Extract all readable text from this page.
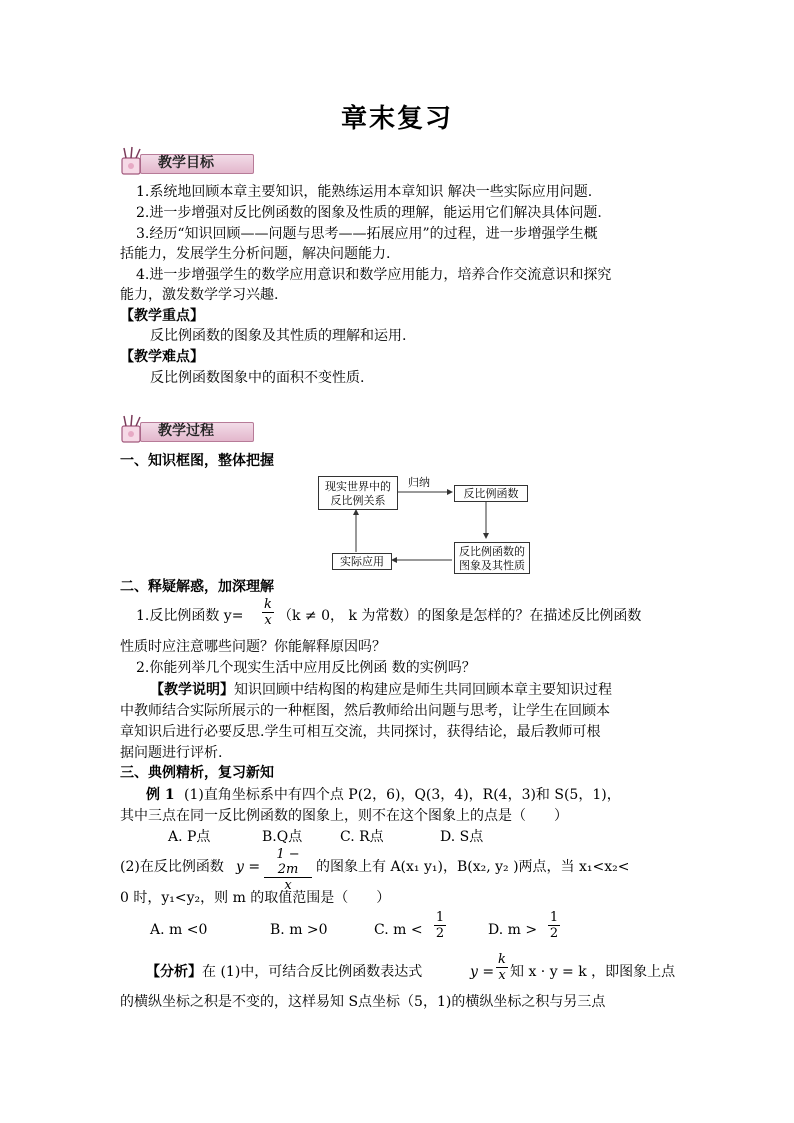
章末复习
教学目标
1.系统地回顾本章主要知识，能熟练运用本章知识 解决一些实际应用问题.
2.进一步增强对反比例函数的图象及性质的理解，能运用它们解决具体问题.
3.经历“知识回顾——问题与思考——拓展应用”的过程，进一步增强学生概
括能力，发展学生分析问题，解决问题能力.
4.进一步增强学生的数学应用意识和数学应用能力，培养合作交流意识和探究
能力，激发数学学习兴趣.
【教学重点】
反比例函数的图象及其性质的理解和运用.
【教学难点】
反比例函数图象中的面积不变性质.
教学过程
一、知识框图，整体把握
现实世界中的
反比例关系
归纳
反比例函数
反比例函数的
图象及其性质
实际应用
二、释疑解惑，加深理解
1.反比例函数 $y= \frac{k}{x} (k \ne 0$， k 为常数）的图象是怎样的？在描述反比例函数
性质时应注意哪些问题？你能解释原因吗？
2.你能列举几个现实生活中应用反比例函 数的实例吗？
【教学说明】知识回顾中结构图的构建应是师生共同回顾本章主要知识过程
中教师结合实际所展示的一种框图，然后教师给出问题与思考，让学生在回顾本
章知识后进行必要反思.学生可相互交流，共同探讨，获得结论，最后教师可根
据问题进行评析.
三、典例精析，复习新知
例 1 (1)直角坐标系中有四个点 P(2，6)，Q(3，4)，R(4，3)和 S(5，1)，
其中三点在同一反比例函数的图象上，则不在这个图象上的点是（　　）
A. P点	B.Q点	C. R点	D. S点
(2)在反比例函数 $y = \frac{1 - 2m}{x}$ 的图象上有 A(x₁ y₁)，B(x₂, y₂ )两点，当 x₁<x₂<
0 时，y₁<y₂，则 m 的取值范围是（　　）
A. m <0	B. m >0	C. $m < \frac{1}{2}$	D. $m > \frac{1}{2}$
【分析】在 (1)中，可结合反比例函数表达式	$y = \frac{k}{x}$ 知 x · y = k ，即图象上点
的横纵坐标之积是不变的，这样易知 S点坐标（5，1)的横纵坐标之积与另三点
